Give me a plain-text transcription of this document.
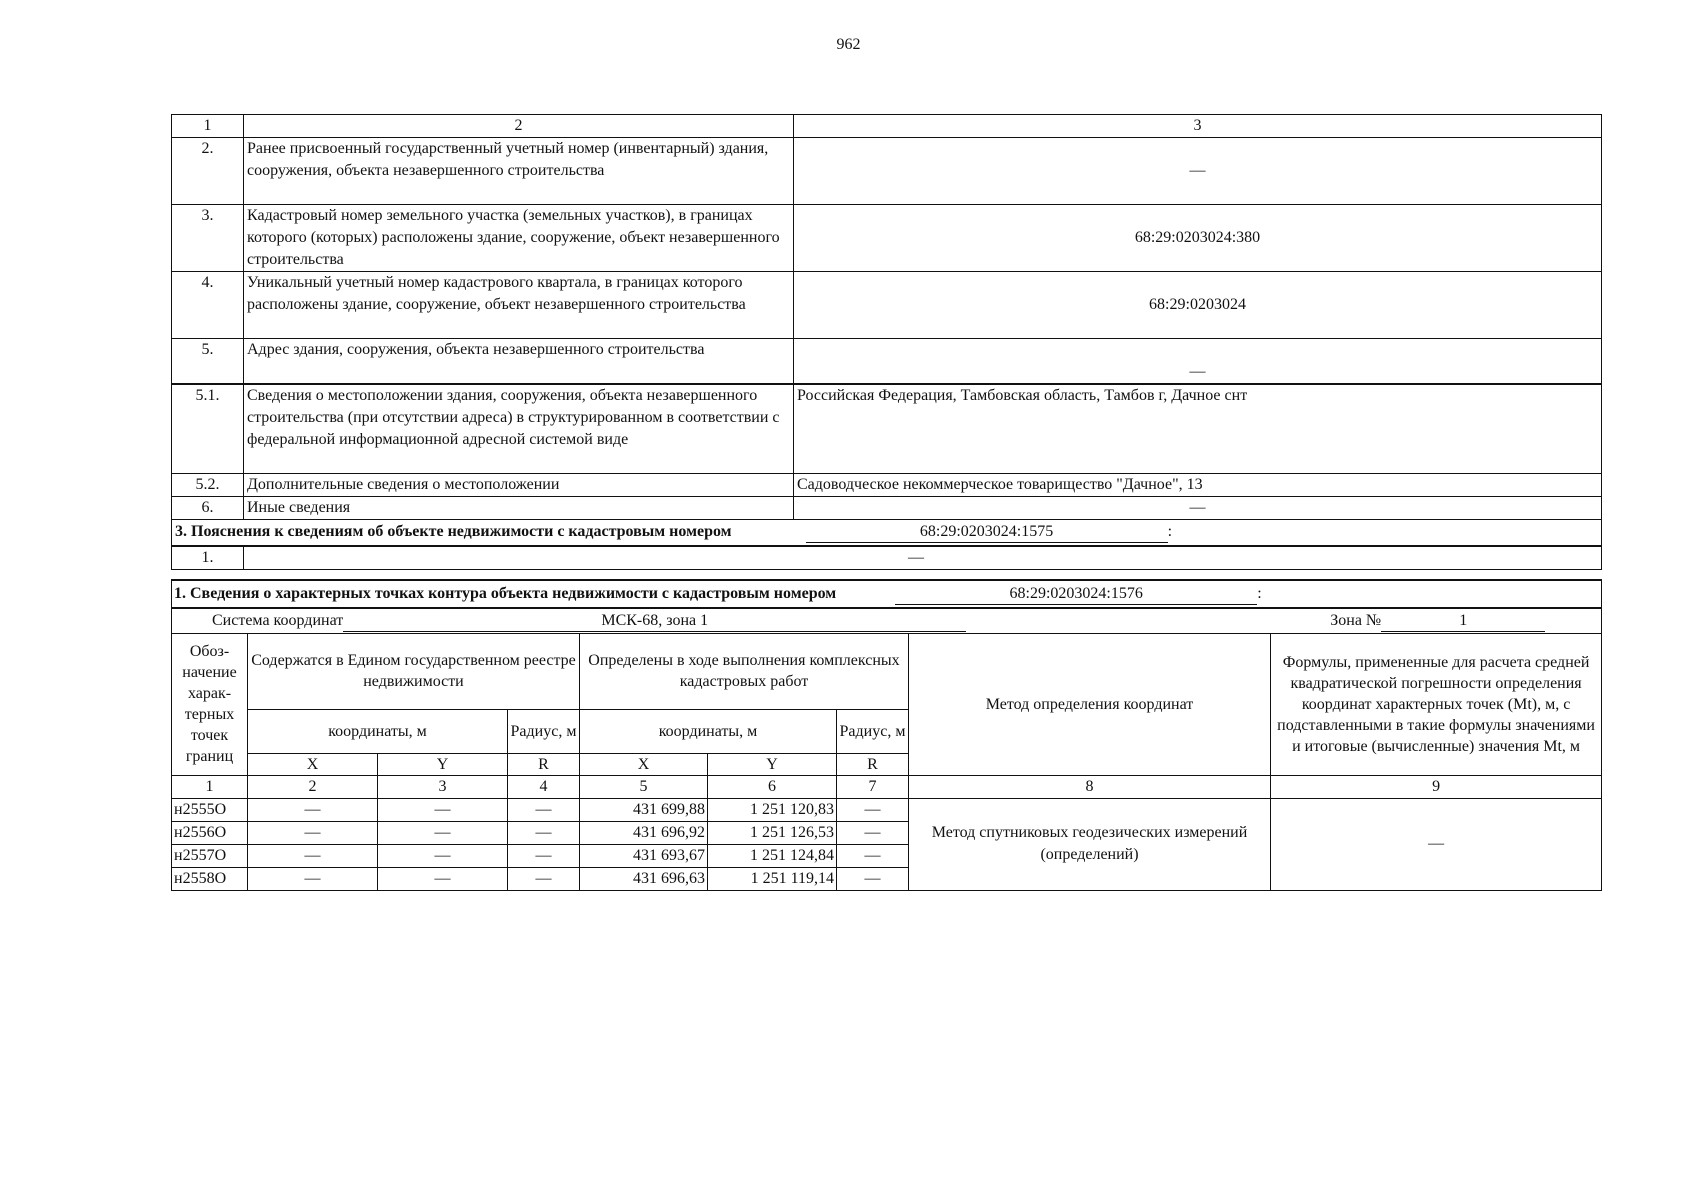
962
1	2	3
2.	Ранее присвоенный государственный учетный номер (инвентарный) здания, сооружения, объекта незавершенного строительства	—
3.	Кадастровый номер земельного участка (земельных участков), в границах которого (которых) расположены здание, сооружение, объект незавершенного строительства	68:29:0203024:380
4.	Уникальный учетный номер кадастрового квартала, в границах которого расположены здание, сооружение, объект незавершенного строительства	68:29:0203024
5.	Адрес здания, сооружения, объекта незавершенного строительства	—
5.1.	Сведения о местоположении здания, сооружения, объекта незавершенного строительства (при отсутствии адреса) в структурированном в соответствии с федеральной информационной адресной системой виде	Российская Федерация, Тамбовская область, Тамбов г, Дачное снт
5.2.	Дополнительные сведения о местоположении	Садоводческое некоммерческое товарищество "Дачное", 13
6.	Иные сведения	—
3. Пояснения к сведениям об объекте недвижимости с кадастровым номером 68:29:0203024:1575 :		
1.	—	
1. Сведения о характерных точках контура объекта недвижимости с кадастровым номером 68:29:0203024:1576 :								
Система координат МСК-68, зона 1 Зона № 1								
Обоз-начение харак-терных точек границ	Содержатся в Едином государственном реестре недвижимости			Определены в ходе выполнения комплексных кадастровых работ			Метод определения координат	Формулы, примененные для расчета средней квадратической погрешности определения координат характерных точек (Mt), м, с подставленными в такие формулы значениями и итоговые (вычисленные) значения Mt, м
	координаты, м		Радиус, м	координаты, м		Радиус, м		
	X	Y	R	X	Y	R		
1	2	3	4	5	6	7	8	9
н2555О	—	—	—	431 699,88	1 251 120,83	—	Метод спутниковых геодезических измерений (определений)	—
н2556О	—	—	—	431 696,92	1 251 126,53	—		
н2557О	—	—	—	431 693,67	1 251 124,84	—		
н2558О	—	—	—	431 696,63	1 251 119,14	—		
